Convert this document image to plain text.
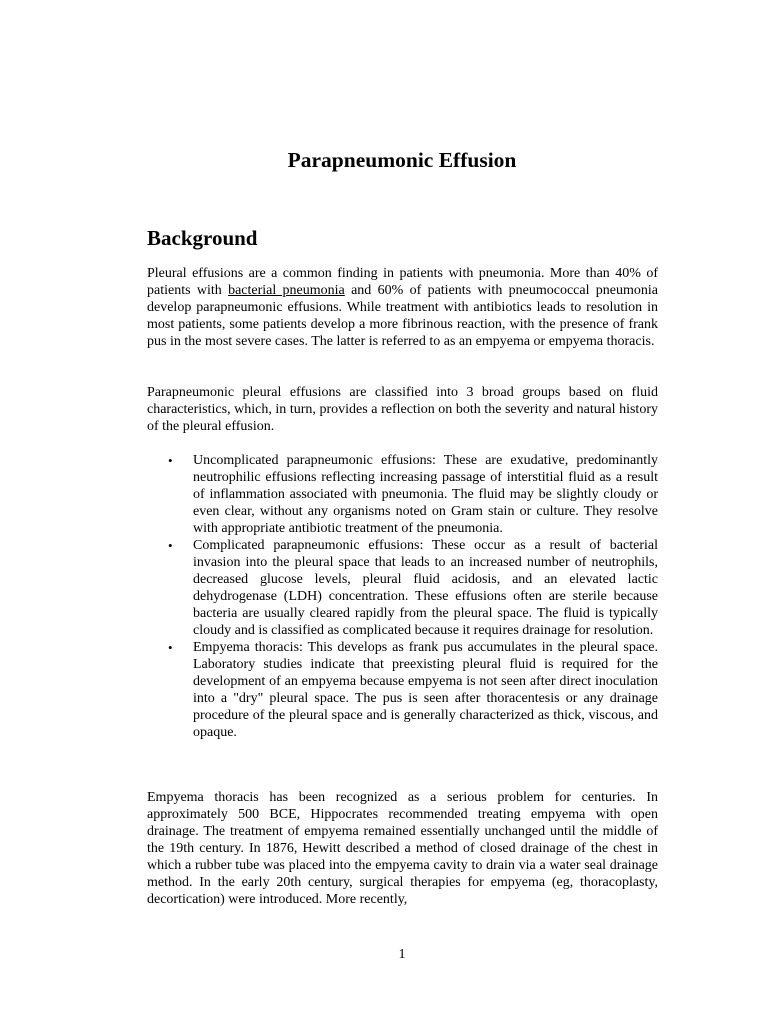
Parapneumonic Effusion
Background

Pleural effusions are a common finding in patients with pneumonia. More than 40% of patients with bacterial pneumonia and 60% of patients with pneumococcal pneumonia develop parapneumonic effusions. While treatment with antibiotics leads to resolution in most patients, some patients develop a more fibrinous reaction, with the presence of frank pus in the most severe cases. The latter is referred to as an empyema or empyema thoracis.

Parapneumonic pleural effusions are classified into 3 broad groups based on fluid characteristics, which, in turn, provides a reflection on both the severity and natural history of the pleural effusion.

• Uncomplicated parapneumonic effusions: These are exudative, predominantly neutrophilic effusions reflecting increasing passage of interstitial fluid as a result of inflammation associated with pneumonia. The fluid may be slightly cloudy or even clear, without any organisms noted on Gram stain or culture. They resolve with appropriate antibiotic treatment of the pneumonia.
• Complicated parapneumonic effusions: These occur as a result of bacterial invasion into the pleural space that leads to an increased number of neutrophils, decreased glucose levels, pleural fluid acidosis, and an elevated lactic dehydrogenase (LDH) concentration. These effusions often are sterile because bacteria are usually cleared rapidly from the pleural space. The fluid is typically cloudy and is classified as complicated because it requires drainage for resolution.
• Empyema thoracis: This develops as frank pus accumulates in the pleural space. Laboratory studies indicate that preexisting pleural fluid is required for the development of an empyema because empyema is not seen after direct inoculation into a "dry" pleural space. The pus is seen after thoracentesis or any drainage procedure of the pleural space and is generally characterized as thick, viscous, and opaque.

Empyema thoracis has been recognized as a serious problem for centuries. In approximately 500 BCE, Hippocrates recommended treating empyema with open drainage. The treatment of empyema remained essentially unchanged until the middle of the 19th century. In 1876, Hewitt described a method of closed drainage of the chest in which a rubber tube was placed into the empyema cavity to drain via a water seal drainage method. In the early 20th century, surgical therapies for empyema (eg, thoracoplasty, decortication) were introduced. More recently,

1
